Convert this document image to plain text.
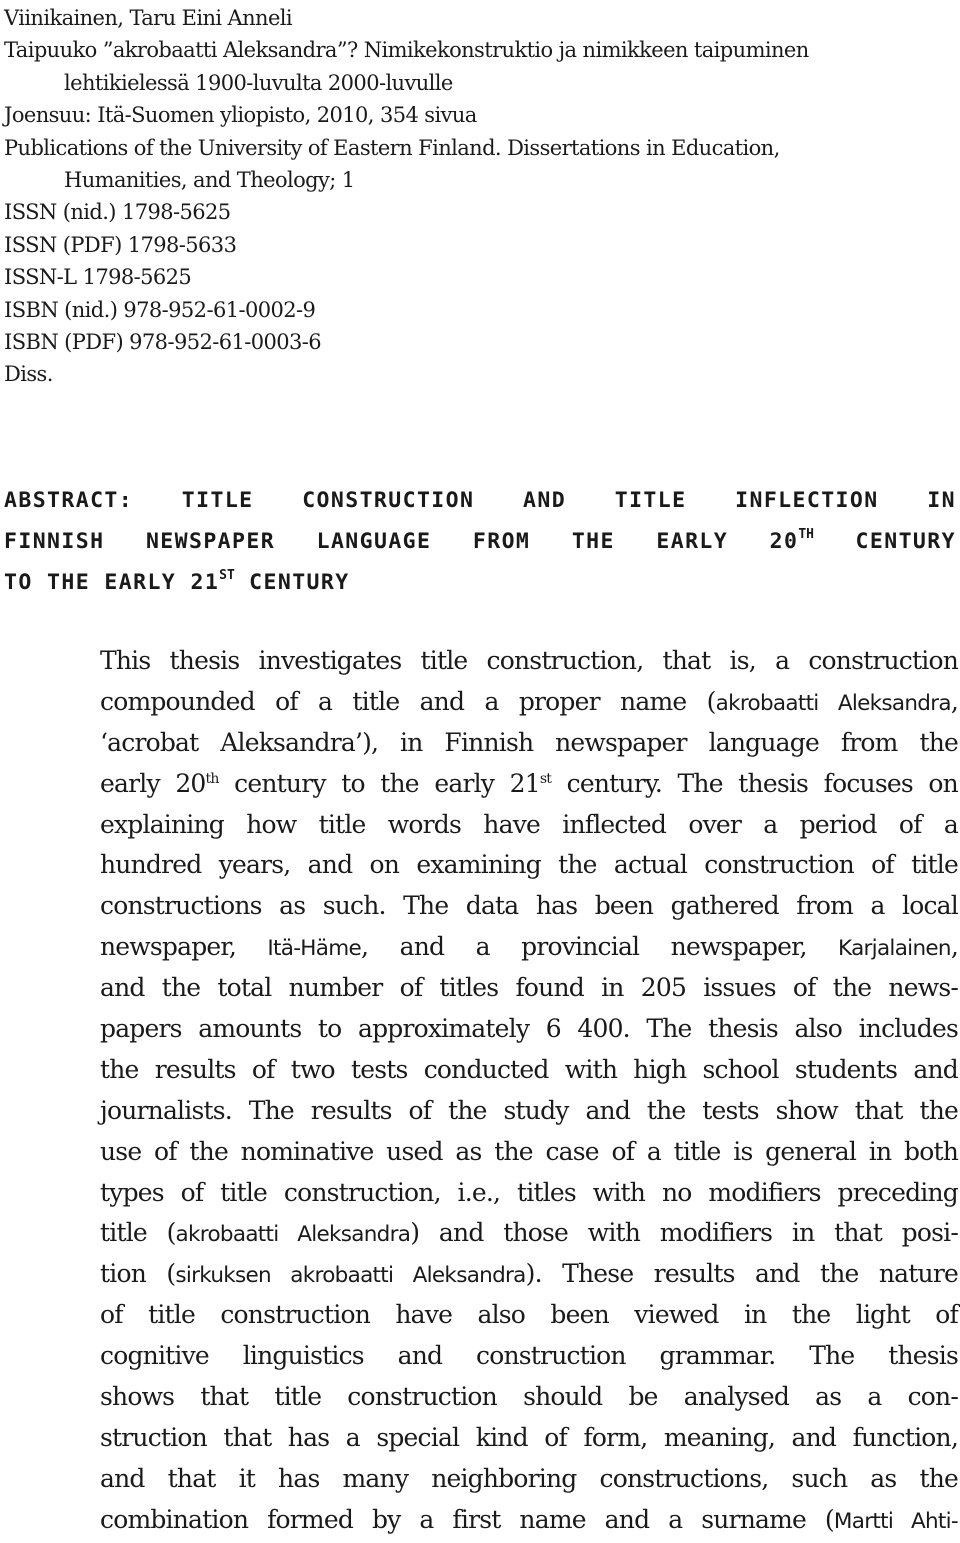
Viinikainen, Taru Eini Anneli
Taipuuko ”akrobaatti Aleksandra”? Nimikekonstruktio ja nimikkeen taipuminen
lehtikielessä 1900-luvulta 2000-luvulle
Joensuu: Itä-Suomen yliopisto, 2010, 354 sivua
Publications of the University of Eastern Finland. Dissertations in Education,
Humanities, and Theology; 1
ISSN (nid.) 1798-5625
ISSN (PDF) 1798-5633
ISSN-L 1798-5625
ISBN (nid.) 978-952-61-0002-9
ISBN (PDF) 978-952-61-0003-6
Diss.
ABSTRACT: TITLE CONSTRUCTION AND TITLE INFLECTION IN
FINNISH NEWSPAPER LANGUAGE FROM THE EARLY 20TH CENTURY
TO THE EARLY 21ST CENTURY
This thesis investigates title construction, that is, a construction
compounded of a title and a proper name (akrobaatti Aleksandra,
‘acrobat Aleksandra’), in Finnish newspaper language from the
early 20th century to the early 21st century. The thesis focuses on
explaining how title words have inflected over a period of a
hundred years, and on examining the actual construction of title
constructions as such. The data has been gathered from a local
newspaper, Itä-Häme, and a provincial newspaper, Karjalainen,
and the total number of titles found in 205 issues of the news-
papers amounts to approximately 6 400. The thesis also includes
the results of two tests conducted with high school students and
journalists. The results of the study and the tests show that the
use of the nominative used as the case of a title is general in both
types of title construction, i.e., titles with no modifiers preceding
title (akrobaatti Aleksandra) and those with modifiers in that posi-
tion (sirkuksen akrobaatti Aleksandra). These results and the nature
of title construction have also been viewed in the light of
cognitive linguistics and construction grammar. The thesis
shows that title construction should be analysed as a con-
struction that has a special kind of form, meaning, and function,
and that it has many neighboring constructions, such as the
combination formed by a first name and a surname (Martti Ahti-
